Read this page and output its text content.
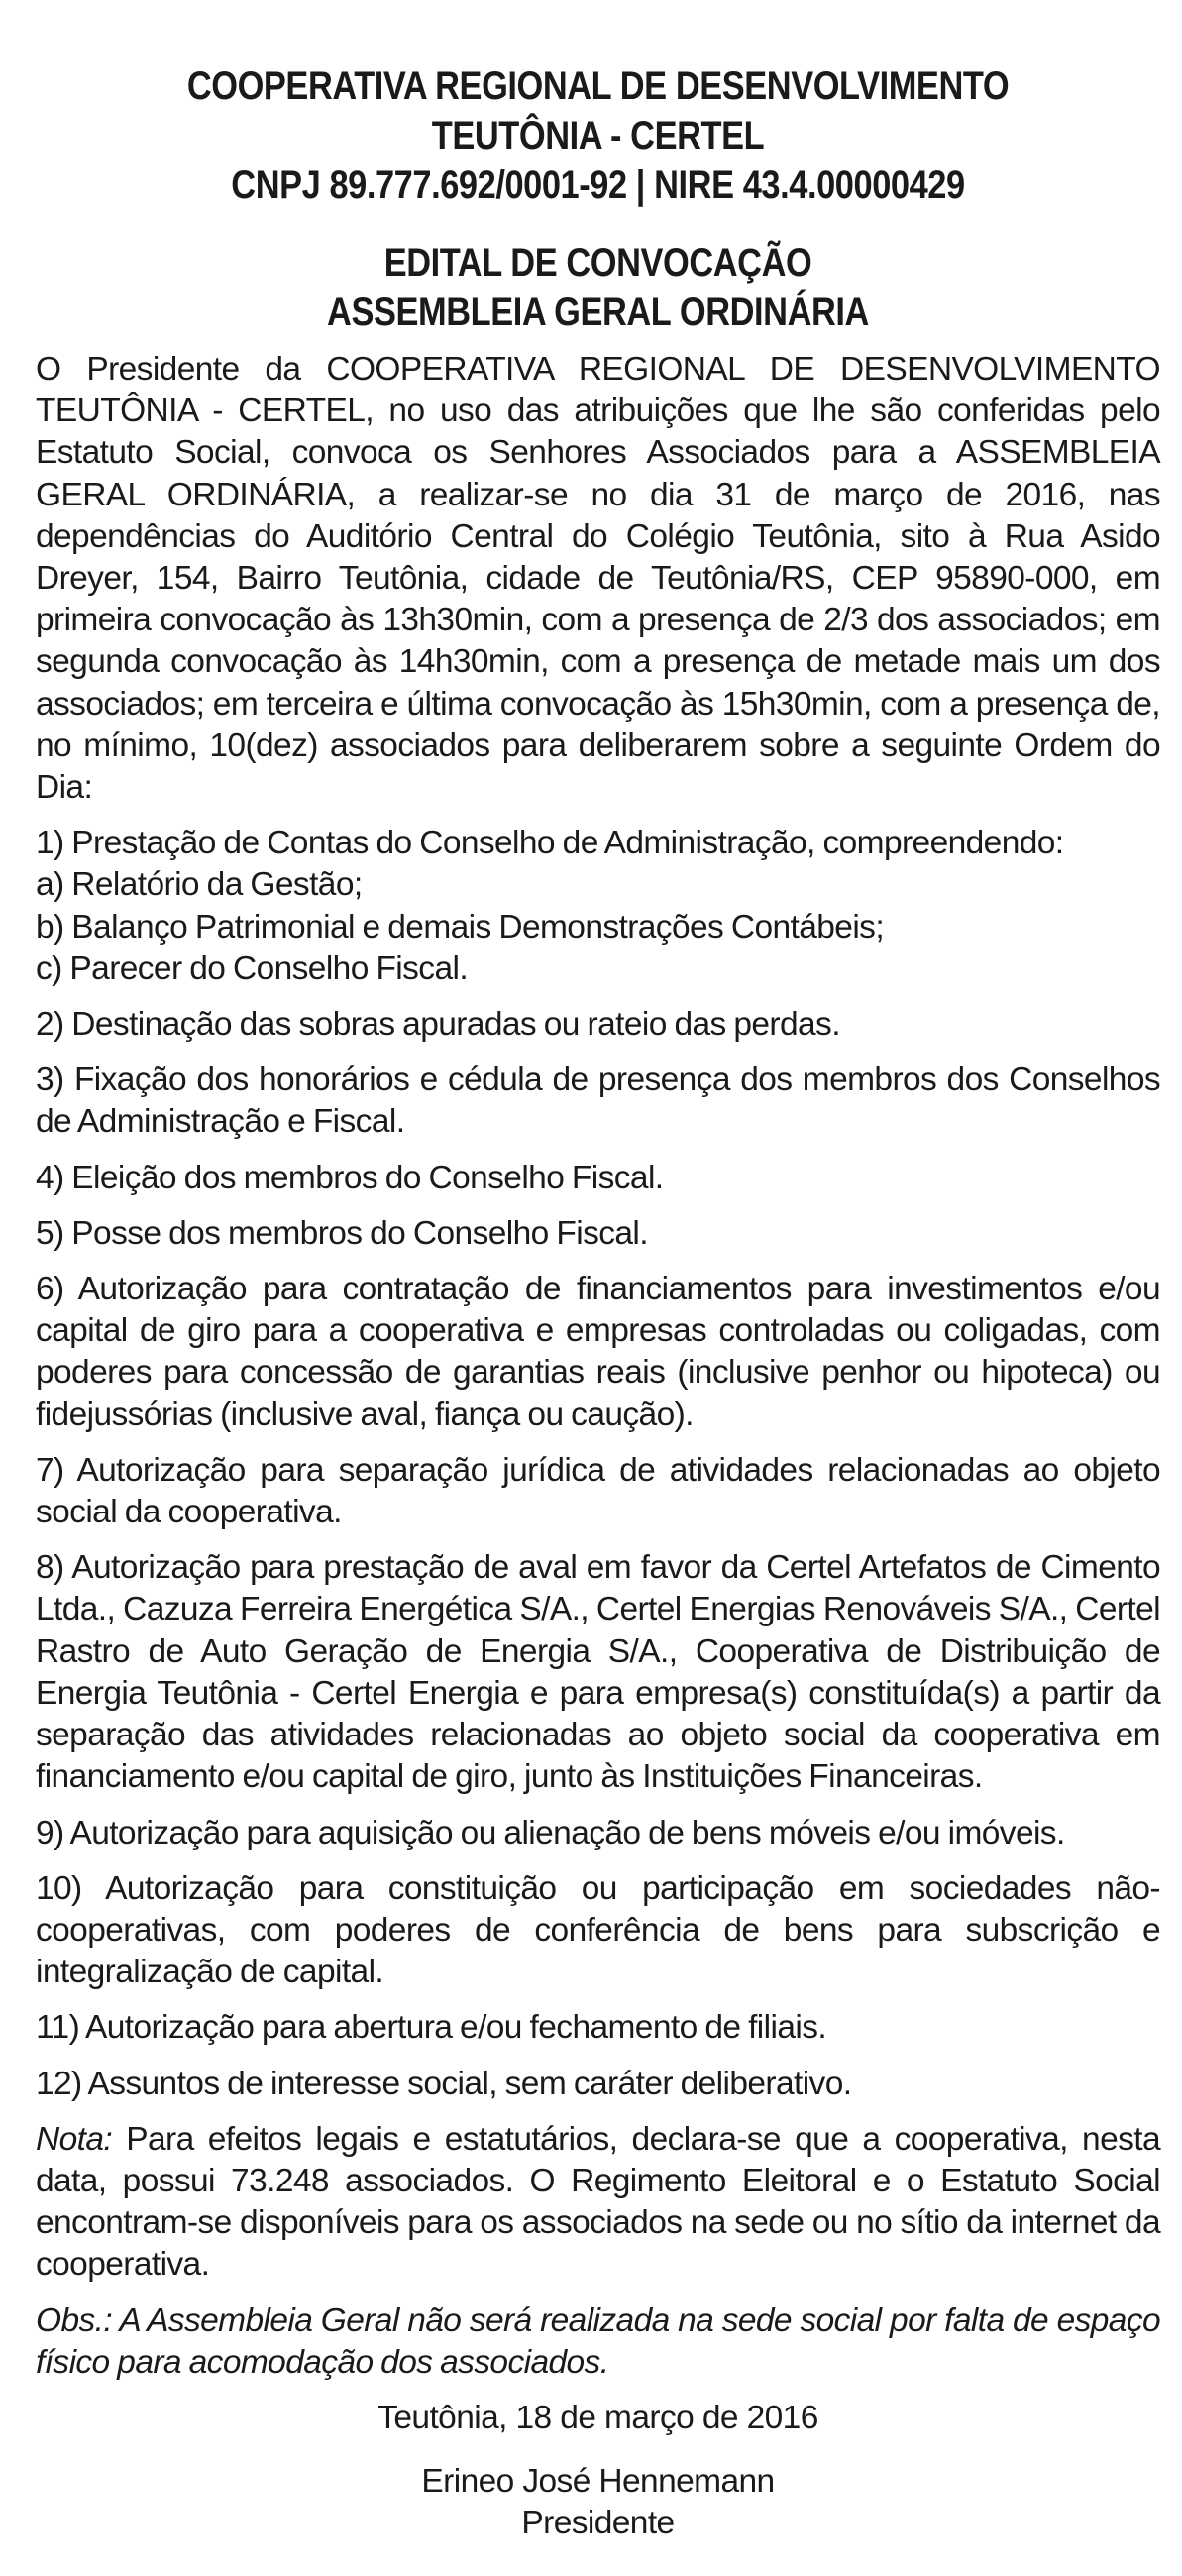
COOPERATIVA REGIONAL DE DESENVOLVIMENTO
TEUTÔNIA - CERTEL
CNPJ 89.777.692/0001-92 | NIRE 43.4.00000429
EDITAL DE CONVOCAÇÃO
ASSEMBLEIA GERAL ORDINÁRIA

O Presidente da COOPERATIVA REGIONAL DE DESENVOLVIMENTO TEUTÔNIA - CERTEL, no uso das atribuições que lhe são conferidas pelo Estatuto Social, convoca os Senhores Associados para a ASSEMBLEIA GERAL ORDINÁRIA, a realizar-se no dia 31 de março de 2016, nas dependências do Auditório Central do Colégio Teutônia, sito à Rua Asido Dreyer, 154, Bairro Teutônia, cidade de Teutônia/RS, CEP 95890-000, em primeira convocação às 13h30min, com a presença de 2/3 dos associados; em segunda convocação às 14h30min, com a presença de metade mais um dos associados; em terceira e última convocação às 15h30min, com a presença de, no mínimo, 10(dez) associados para deliberarem sobre a seguinte Ordem do Dia:

1) Prestação de Contas do Conselho de Administração, compreendendo:
a) Relatório da Gestão;
b) Balanço Patrimonial e demais Demonstrações Contábeis;
c) Parecer do Conselho Fiscal.

2) Destinação das sobras apuradas ou rateio das perdas.

3) Fixação dos honorários e cédula de presença dos membros dos Conselhos de Administração e Fiscal.

4) Eleição dos membros do Conselho Fiscal.

5) Posse dos membros do Conselho Fiscal.

6) Autorização para contratação de financiamentos para investimentos e/ou capital de giro para a cooperativa e empresas controladas ou coligadas, com poderes para concessão de garantias reais (inclusive penhor ou hipoteca) ou fidejussórias (inclusive aval, fiança ou caução).

7) Autorização para separação jurídica de atividades relacionadas ao objeto social da cooperativa.

8) Autorização para prestação de aval em favor da Certel Artefatos de Cimento Ltda., Cazuza Ferreira Energética S/A., Certel Energias Renováveis S/A., Certel Rastro de Auto Geração de Energia S/A., Cooperativa de Distribuição de Energia Teutônia - Certel Energia e para empresa(s) constituída(s) a partir da separação das atividades relacionadas ao objeto social da cooperativa em financiamento e/ou capital de giro, junto às Instituições Financeiras.

9) Autorização para aquisição ou alienação de bens móveis e/ou imóveis.

10) Autorização para constituição ou participação em sociedades não-cooperativas, com poderes de conferência de bens para subscrição e integralização de capital.

11) Autorização para abertura e/ou fechamento de filiais.

12) Assuntos de interesse social, sem caráter deliberativo.

Nota: Para efeitos legais e estatutários, declara-se que a cooperativa, nesta data, possui 73.248 associados. O Regimento Eleitoral e o Estatuto Social encontram-se disponíveis para os associados na sede ou no sítio da internet da cooperativa.

Obs.: A Assembleia Geral não será realizada na sede social por falta de espaço físico para acomodação dos associados.

Teutônia, 18 de março de 2016
Erineo José Hennemann
Presidente
